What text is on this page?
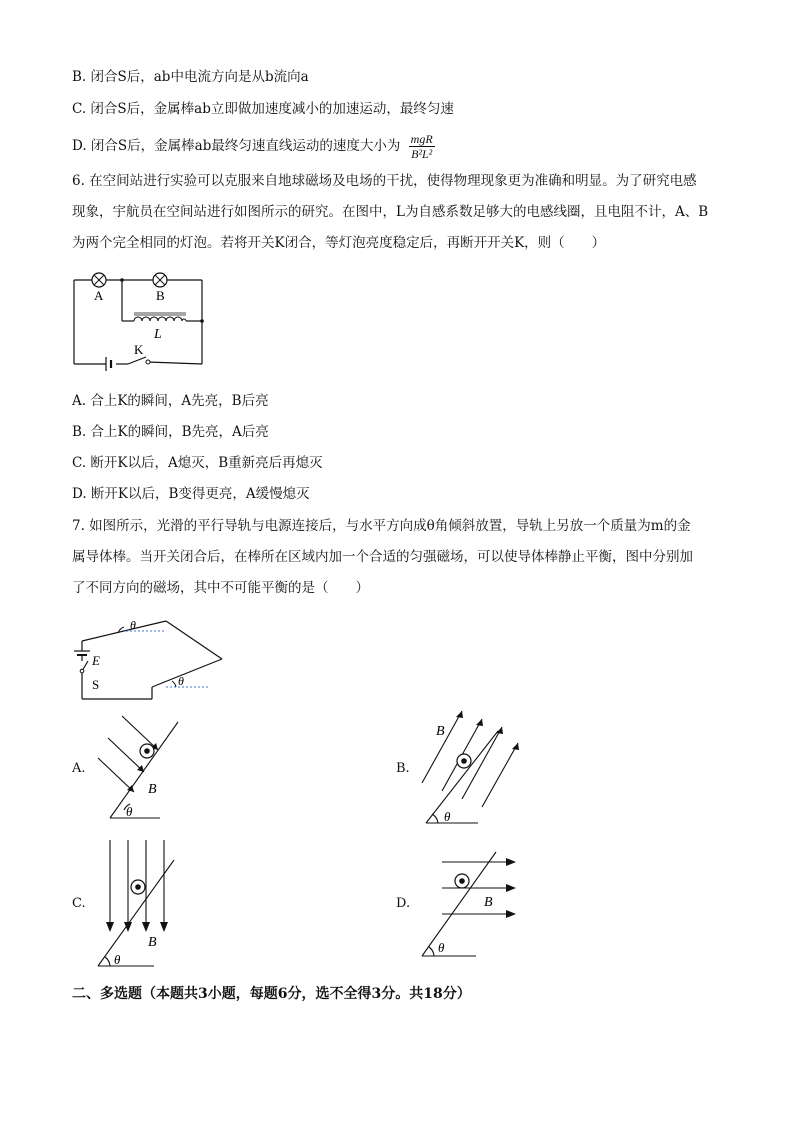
B. 闭合S后，ab中电流方向是从b流向a
C. 闭合S后，金属棒ab立即做加速度减小的加速运动，最终匀速
D. 闭合S后，金属棒ab最终匀速直线运动的速度大小为 $\frac{\text{mgR}}{\text{B²L²}}$
6. 在空间站进行实验可以克服来自地球磁场及电场的干扰，使得物理现象更为准确和明显。为了研究电感
现象，宇航员在空间站进行如图所示的研究。在图中，L为自感系数足够大的电感线圈，且电阻不计，A、B
为两个完全相同的灯泡。若将开关K闭合，等灯泡亮度稳定后，再断开开关K，则（　　）
A	B
L
K
A. 合上K的瞬间，A先亮，B后亮
B. 合上K的瞬间，B先亮，A后亮
C. 断开K以后，A熄灭，B重新亮后再熄灭
D. 断开K以后，B变得更亮，A缓慢熄灭
7. 如图所示，光滑的平行导轨与电源连接后，与水平方向成θ角倾斜放置，导轨上另放一个质量为m的金
属导体棒。当开关闭合后，在棒所在区域内加一个合适的匀强磁场，可以使导体棒静止平衡，图中分别加
了不同方向的磁场，其中不可能平衡的是（　　）
θ
θ
E
S
A.
B
θ
B.
B
θ
C.
B
θ
D.	B
θ
二、多选题（本题共3小题，每题6分，选不全得3分。共18分）
